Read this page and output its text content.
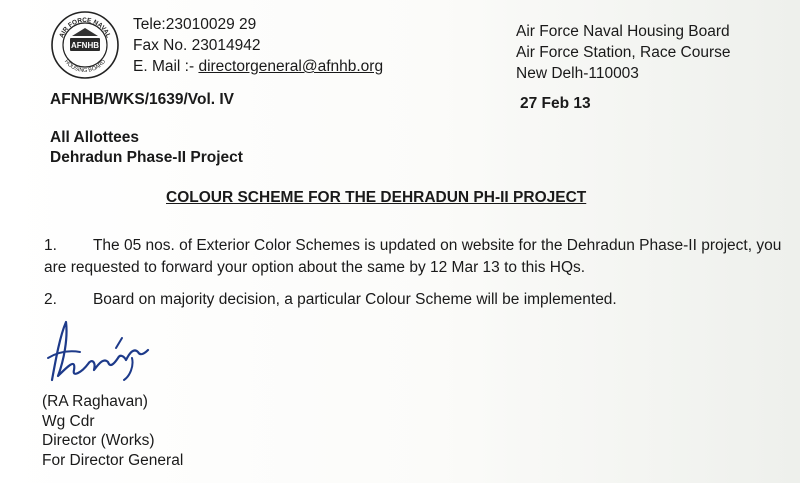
AIR FORCE NAVAL
HOUSING BOARD
AFNHB
Tele:23010029 29
Fax No. 23014942
E. Mail :- directorgeneral@afnhb.org
Air Force Naval Housing Board
Air Force Station, Race Course
New Delh-110003
AFNHB/WKS/1639/Vol. IV	27 Feb 13
All Allottees
Dehradun Phase-II Project
COLOUR SCHEME FOR THE DEHRADUN PH-II PROJECT
1. The 05 nos. of Exterior Color Schemes is updated on website for the Dehradun Phase-II project, you are requested to forward your option about the same by 12 Mar 13 to this HQs.
2. Board on majority decision, a particular Colour Scheme will be implemented.
(RA Raghavan)
Wg Cdr
Director (Works)
For Director General
